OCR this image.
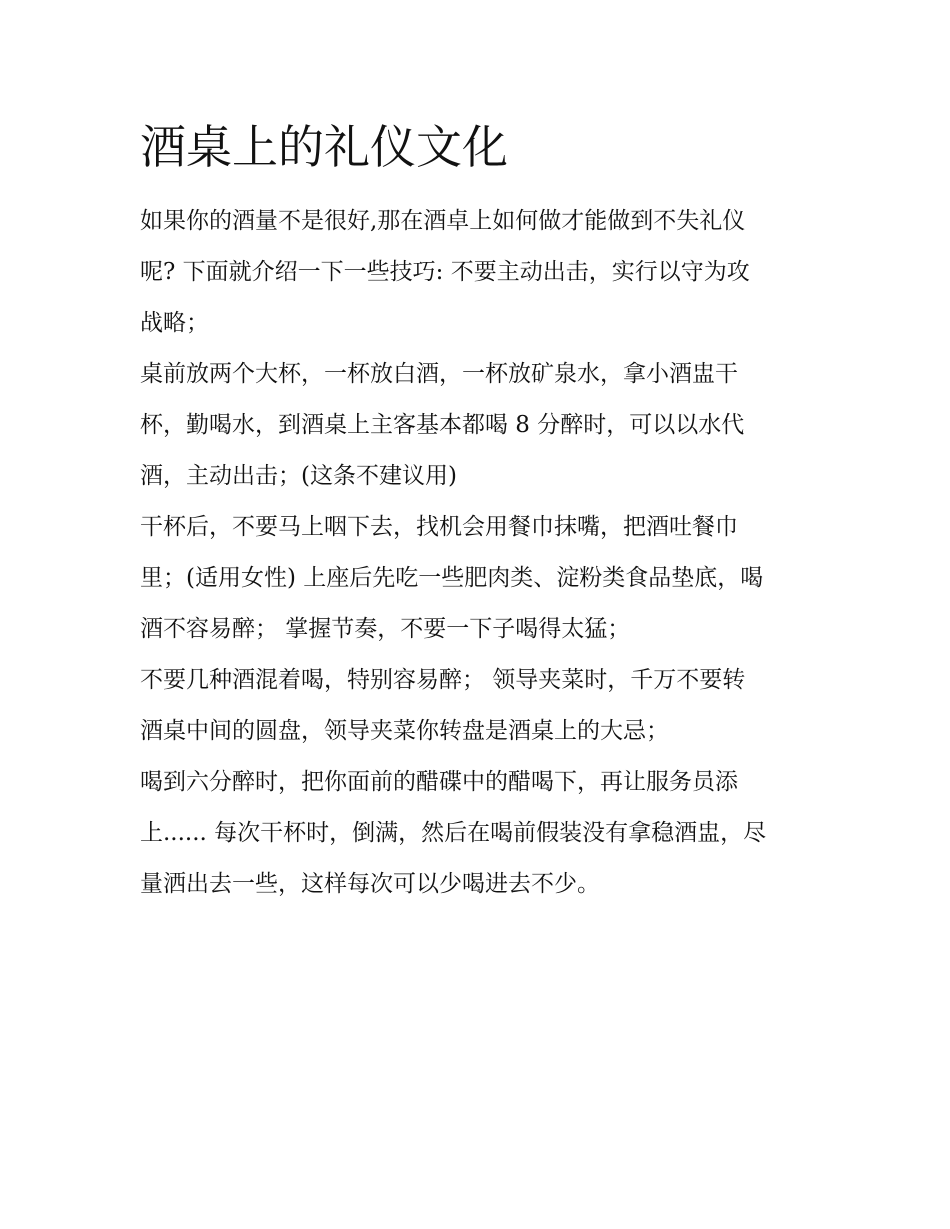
酒桌上的礼仪文化

如果你的酒量不是很好,那在酒卓上如何做才能做到不失礼仪

呢? 下面就介绍一下一些技巧: 不要主动出击，实行以守为攻

战略；

桌前放两个大杯，一杯放白酒，一杯放矿泉水，拿小酒盅干

杯，勤喝水，到酒桌上主客基本都喝 8 分醉时，可以以水代

酒，主动出击；(这条不建议用)

干杯后，不要马上咽下去，找机会用餐巾抹嘴，把酒吐餐巾

里；(适用女性) 上座后先吃一些肥肉类、淀粉类食品垫底，喝

酒不容易醉； 掌握节奏，不要一下子喝得太猛；

不要几种酒混着喝，特别容易醉； 领导夹菜时，千万不要转

酒桌中间的圆盘，领导夹菜你转盘是酒桌上的大忌；

喝到六分醉时，把你面前的醋碟中的醋喝下，再让服务员添

上...... 每次干杯时，倒满，然后在喝前假装没有拿稳酒盅，尽

量洒出去一些，这样每次可以少喝进去不少。
